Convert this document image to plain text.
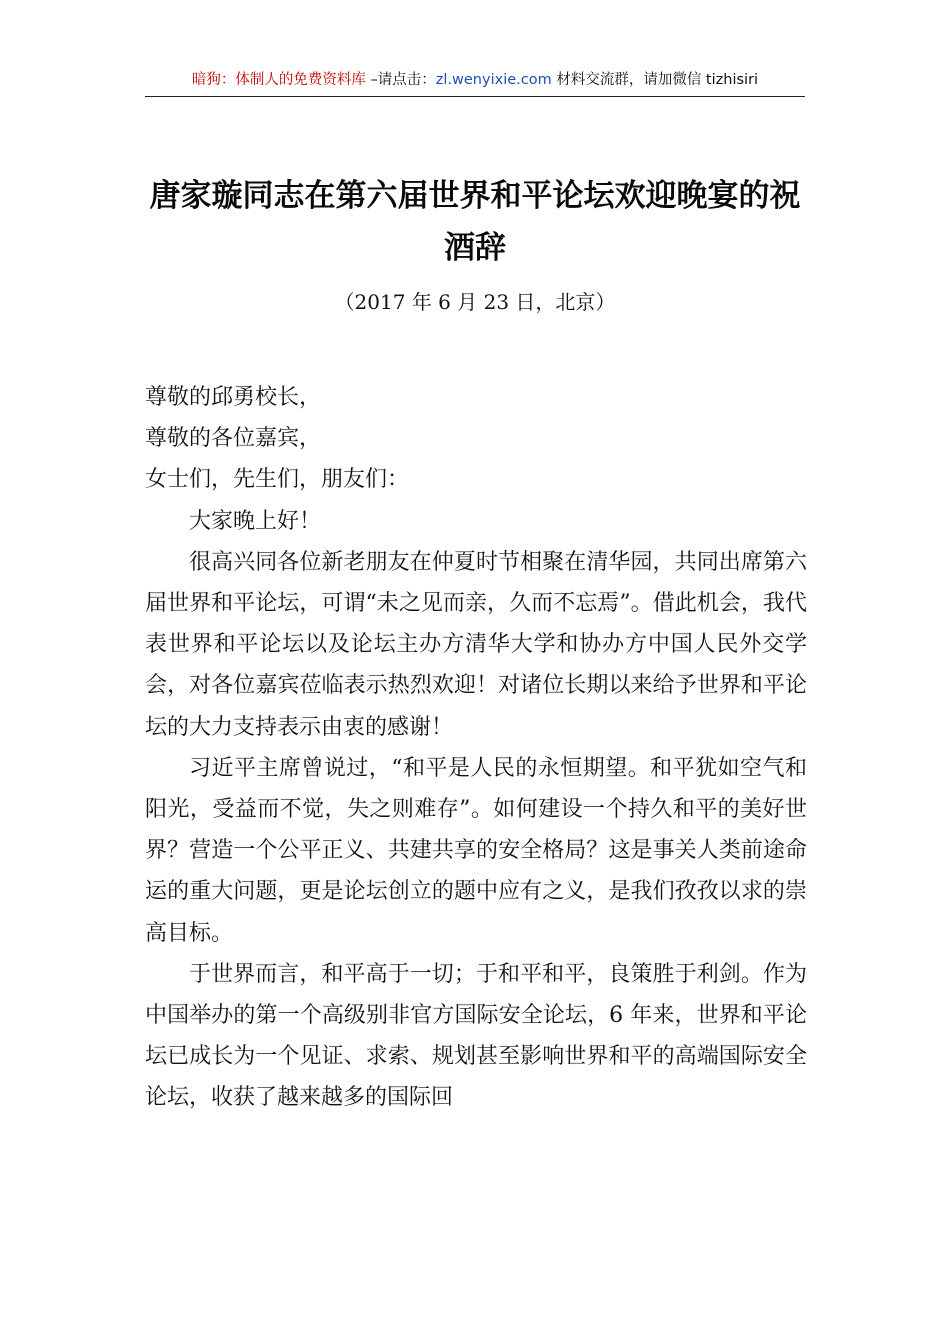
暗狗：体制人的免费资料库 –请点击：zl.wenyixie.com 材料交流群，请加微信 tizhisiri
唐家璇同志在第六届世界和平论坛欢迎晚宴的祝酒辞

（2017 年 6 月 23 日，北京）

尊敬的邱勇校长，

尊敬的各位嘉宾，

女士们，先生们，朋友们：

大家晚上好！

很高兴同各位新老朋友在仲夏时节相聚在清华园，共同出席第六届世界和平论坛，可谓“未之见而亲，久而不忘焉”。借此机会，我代表世界和平论坛以及论坛主办方清华大学和协办方中国人民外交学会，对各位嘉宾莅临表示热烈欢迎！对诸位长期以来给予世界和平论坛的大力支持表示由衷的感谢！

习近平主席曾说过，“和平是人民的永恒期望。和平犹如空气和阳光，受益而不觉，失之则难存”。如何建设一个持久和平的美好世界？营造一个公平正义、共建共享的安全格局？这是事关人类前途命运的重大问题，更是论坛创立的题中应有之义，是我们孜孜以求的崇高目标。

于世界而言，和平高于一切；于和平和平，良策胜于利剑。作为中国举办的第一个高级别非官方国际安全论坛，6 年来，世界和平论坛已成长为一个见证、求索、规划甚至影响世界和平的高端国际安全论坛，收获了越来越多的国际回
